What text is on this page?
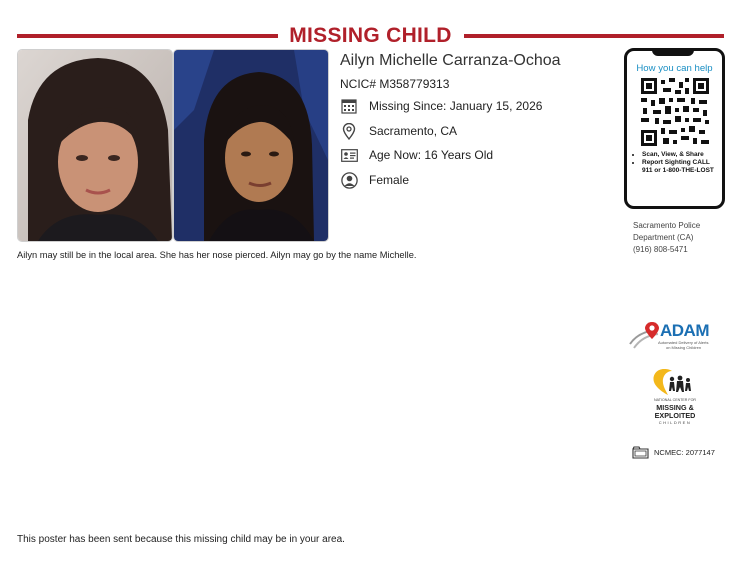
MISSING CHILD
Ailyn Michelle Carranza-Ochoa
NCIC# M358779313
Missing Since: January 15, 2026
Sacramento, CA
Age Now: 16 Years Old
Female
Ailyn may still be in the local area. She has her nose pierced. Ailyn may go by the name Michelle.
How you can help
• Scan, View, & Share
• Report Sighting CALL 911 or 1-800-THE-LOST
Sacramento Police
Department (CA)
(916) 808-5471
ADAM
Automated Delivery of Alerts
on Missing Children
NATIONAL CENTER FOR
MISSING &
EXPLOITED
CHILDREN
NCMEC: 2077147
This poster has been sent because this missing child may be in your area.
